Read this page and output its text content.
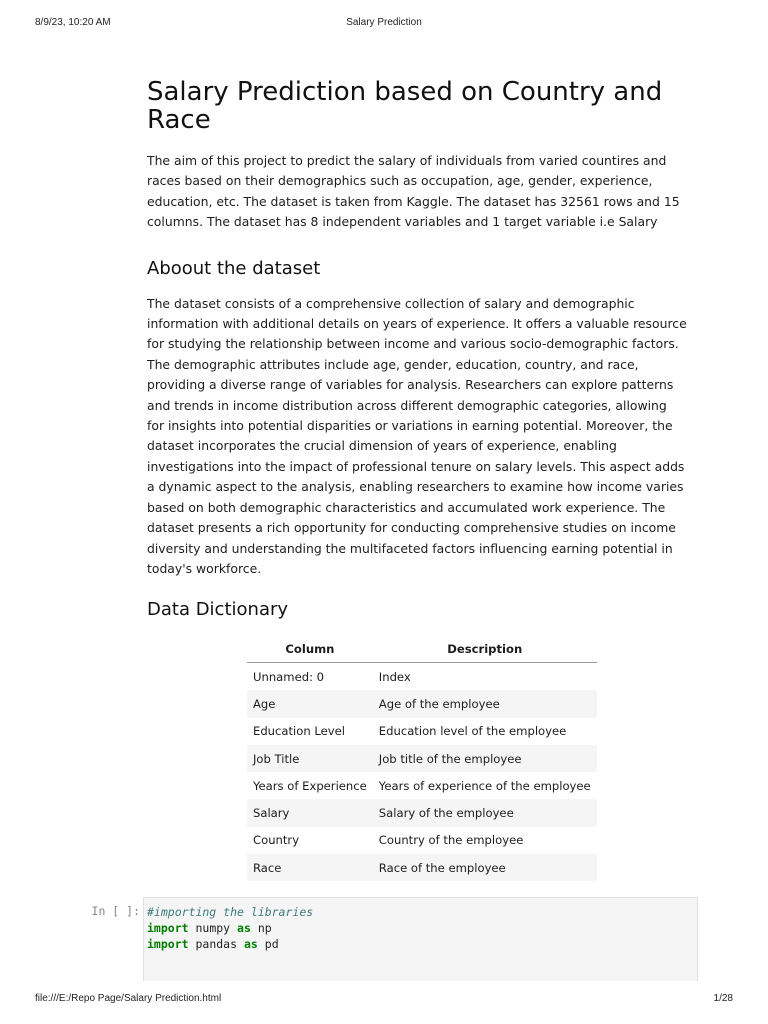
8/9/23, 10:20 AM	Salary Prediction
Salary Prediction based on Country and Race

The aim of this project to predict the salary of individuals from varied countires and races based on their demographics such as occupation, age, gender, experience, education, etc. The dataset is taken from Kaggle. The dataset has 32561 rows and 15 columns. The dataset has 8 independent variables and 1 target variable i.e Salary

Aboout the dataset

The dataset consists of a comprehensive collection of salary and demographic information with additional details on years of experience. It offers a valuable resource for studying the relationship between income and various socio-demographic factors. The demographic attributes include age, gender, education, country, and race, providing a diverse range of variables for analysis. Researchers can explore patterns and trends in income distribution across different demographic categories, allowing for insights into potential disparities or variations in earning potential. Moreover, the dataset incorporates the crucial dimension of years of experience, enabling investigations into the impact of professional tenure on salary levels. This aspect adds a dynamic aspect to the analysis, enabling researchers to examine how income varies based on both demographic characteristics and accumulated work experience. The dataset presents a rich opportunity for conducting comprehensive studies on income diversity and understanding the multifaceted factors influencing earning potential in today's workforce.

Data Dictionary
Column	Description
Unnamed: 0	Index
Age	Age of the employee
Education Level	Education level of the employee
Job Title	Job title of the employee
Years of Experience	Years of experience of the employee
Salary	Salary of the employee
Country	Country of the employee
Race	Race of the employee
In [ ]: #importing the libraries
import numpy as np
import pandas as pd
file:///E:/Repo Page/Salary Prediction.html	1/28
